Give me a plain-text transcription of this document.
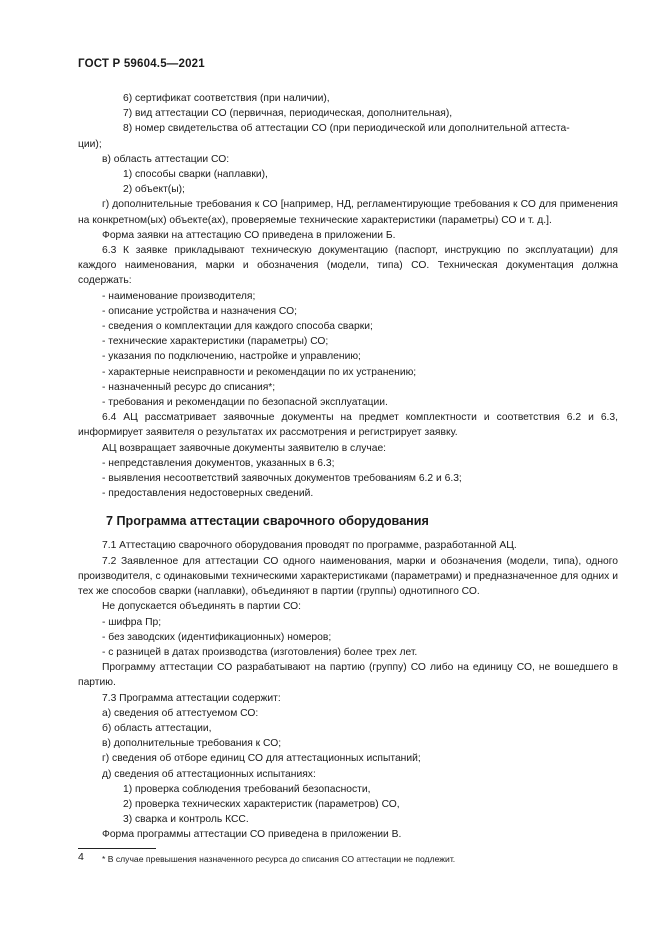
ГОСТ Р 59604.5—2021

6) сертификат соответствия (при наличии),

7) вид аттестации СО (первичная, периодическая, дополнительная),

8) номер свидетельства об аттестации СО (при периодической или дополнительной аттеста-

ции);

в) область аттестации СО:

1) способы сварки (наплавки),

2) объект(ы);

г) дополнительные требования к СО [например, НД, регламентирующие требования к СО для применения на конкретном(ых) объекте(ах), проверяемые технические характеристики (параметры) СО и т. д.].

Форма заявки на аттестацию СО приведена в приложении Б.

6.3 К заявке прикладывают техническую документацию (паспорт, инструкцию по эксплуатации) для каждого наименования, марки и обозначения (модели, типа) СО. Техническая документация должна содержать:

- наименование производителя;

- описание устройства и назначения СО;

- сведения о комплектации для каждого способа сварки;

- технические характеристики (параметры) СО;

- указания по подключению, настройке и управлению;

- характерные неисправности и рекомендации по их устранению;

- назначенный ресурс до списания*;

- требования и рекомендации по безопасной эксплуатации.

6.4 АЦ рассматривает заявочные документы на предмет комплектности и соответствия 6.2 и 6.3, информирует заявителя о результатах их рассмотрения и регистрирует заявку.

АЦ возвращает заявочные документы заявителю в случае:

- непредставления документов, указанных в 6.3;

- выявления несоответствий заявочных документов требованиям 6.2 и 6.3;

- предоставления недостоверных сведений.

7 Программа аттестации сварочного оборудования

7.1 Аттестацию сварочного оборудования проводят по программе, разработанной АЦ.

7.2 Заявленное для аттестации СО одного наименования, марки и обозначения (модели, типа), одного производителя, с одинаковыми техническими характеристиками (параметрами) и предназначенное для одних и тех же способов сварки (наплавки), объединяют в партии (группы) однотипного СО.

Не допускается объединять в партии СО:

- шифра Пр;

- без заводских (идентификационных) номеров;

- с разницей в датах производства (изготовления) более трех лет.

Программу аттестации СО разрабатывают на партию (группу) СО либо на единицу СО, не вошедшего в партию.

7.3 Программа аттестации содержит:

а) сведения об аттестуемом СО:

б) область аттестации,

в) дополнительные требования к СО;

г) сведения об отборе единиц СО для аттестационных испытаний;

д) сведения об аттестационных испытаниях:

1) проверка соблюдения требований безопасности,

2) проверка технических характеристик (параметров) СО,

3) сварка и контроль КСС.

Форма программы аттестации СО приведена в приложении В.

* В случае превышения назначенного ресурса до списания СО аттестации не подлежит.

4
